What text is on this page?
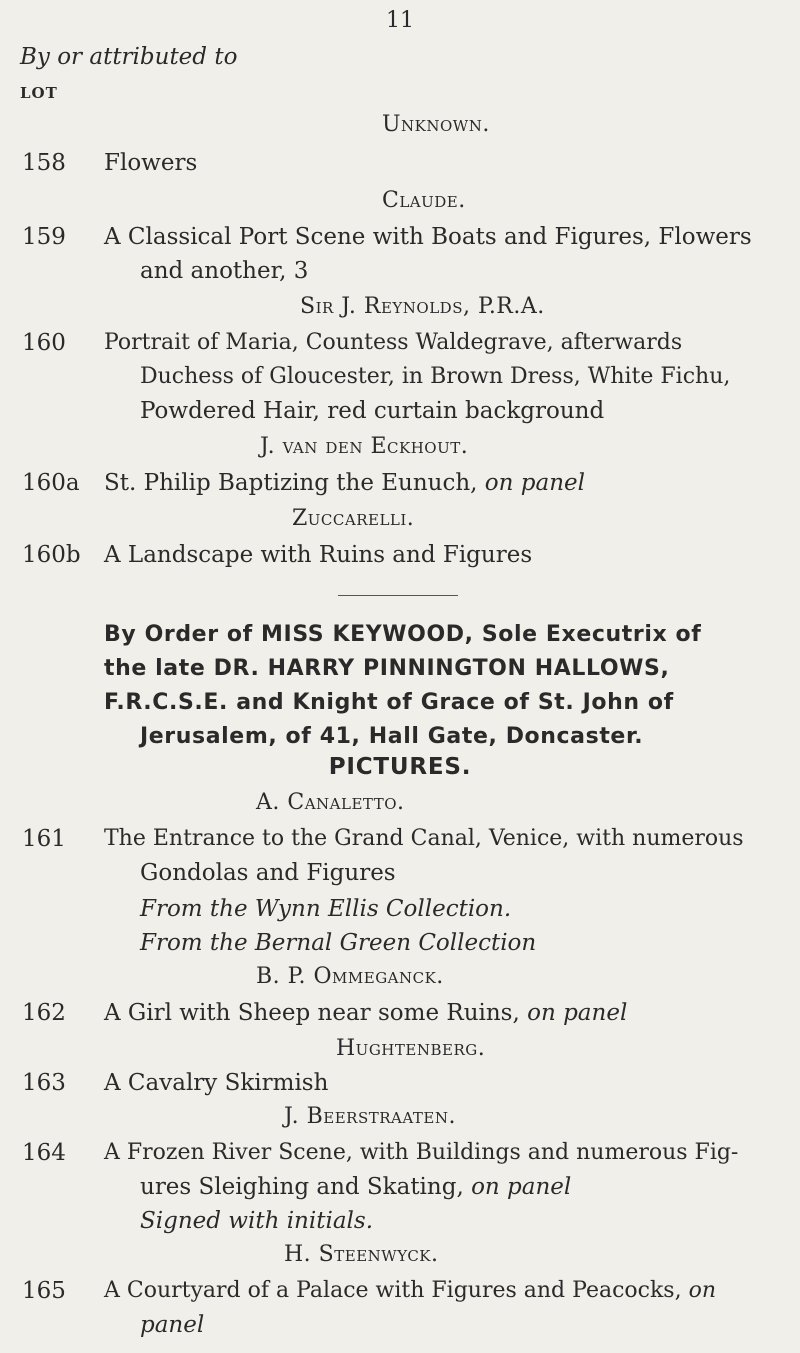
11
By or attributed to
LOT
Unknown.
158 Flowers
Claude.
159 A Classical Port Scene with Boats and Figures, Flowers
and another, 3
Sir J. Reynolds, P.R.A.
160 Portrait of Maria, Countess Waldegrave, afterwards
Duchess of Gloucester, in Brown Dress, White Fichu,
Powdered Hair, red curtain background
J. van den Eckhout.
160a St. Philip Baptizing the Eunuch, on panel
Zuccarelli.
160b A Landscape with Ruins and Figures
By Order of MISS KEYWOOD, Sole Executrix of
the late DR. HARRY PINNINGTON HALLOWS,
F.R.C.S.E. and Knight of Grace of St. John of
Jerusalem, of 41, Hall Gate, Doncaster.
PICTURES.
A. Canaletto.
161 The Entrance to the Grand Canal, Venice, with numerous
Gondolas and Figures
From the Wynn Ellis Collection.
From the Bernal Green Collection
B. P. Ommeganck.
162 A Girl with Sheep near some Ruins, on panel
Hughtenberg.
163 A Cavalry Skirmish
J. Beerstraaten.
164 A Frozen River Scene, with Buildings and numerous Fig-
ures Sleighing and Skating, on panel
Signed with initials.
H. Steenwyck.
165 A Courtyard of a Palace with Figures and Peacocks, on
panel
